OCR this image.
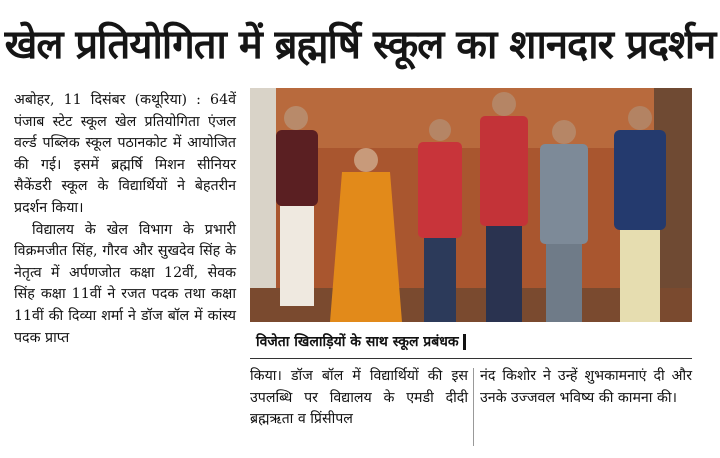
खेल प्रतियोगिता में ब्रह्मर्षि स्कूल का शानदार प्रदर्शन

अबोहर, 11 दिसंबर (कथूरिया) : 64वें पंजाब स्टेट स्कूल खेल प्रतियोगिता एंजल वर्ल्ड पब्लिक स्कूल पठानकोट में आयोजित की गई। इसमें ब्रह्मर्षि मिशन सीनियर सैकेंडरी स्कूल के विद्यार्थियों ने बेहतरीन प्रदर्शन किया।

विद्यालय के खेल विभाग के प्रभारी विक्रमजीत सिंह, गौरव और सुखदेव सिंह के नेतृत्व में अर्पणजोत कक्षा 12वीं, सेवक सिंह कक्षा 11वीं ने रजत पदक तथा कक्षा 11वीं की दिव्या शर्मा ने डॉज बॉल में कांस्य पदक प्राप्त	विजेता खिलाड़ियों के साथ स्कूल प्रबंधक

किया। डॉज बॉल में विद्यार्थियों की इस उपलब्धि पर विद्यालय के एमडी दीदी ब्रह्मऋता व प्रिंसीपल

नंद किशोर ने उन्हें शुभकामनाएं दी और उनके उज्जवल भविष्य की कामना की।
